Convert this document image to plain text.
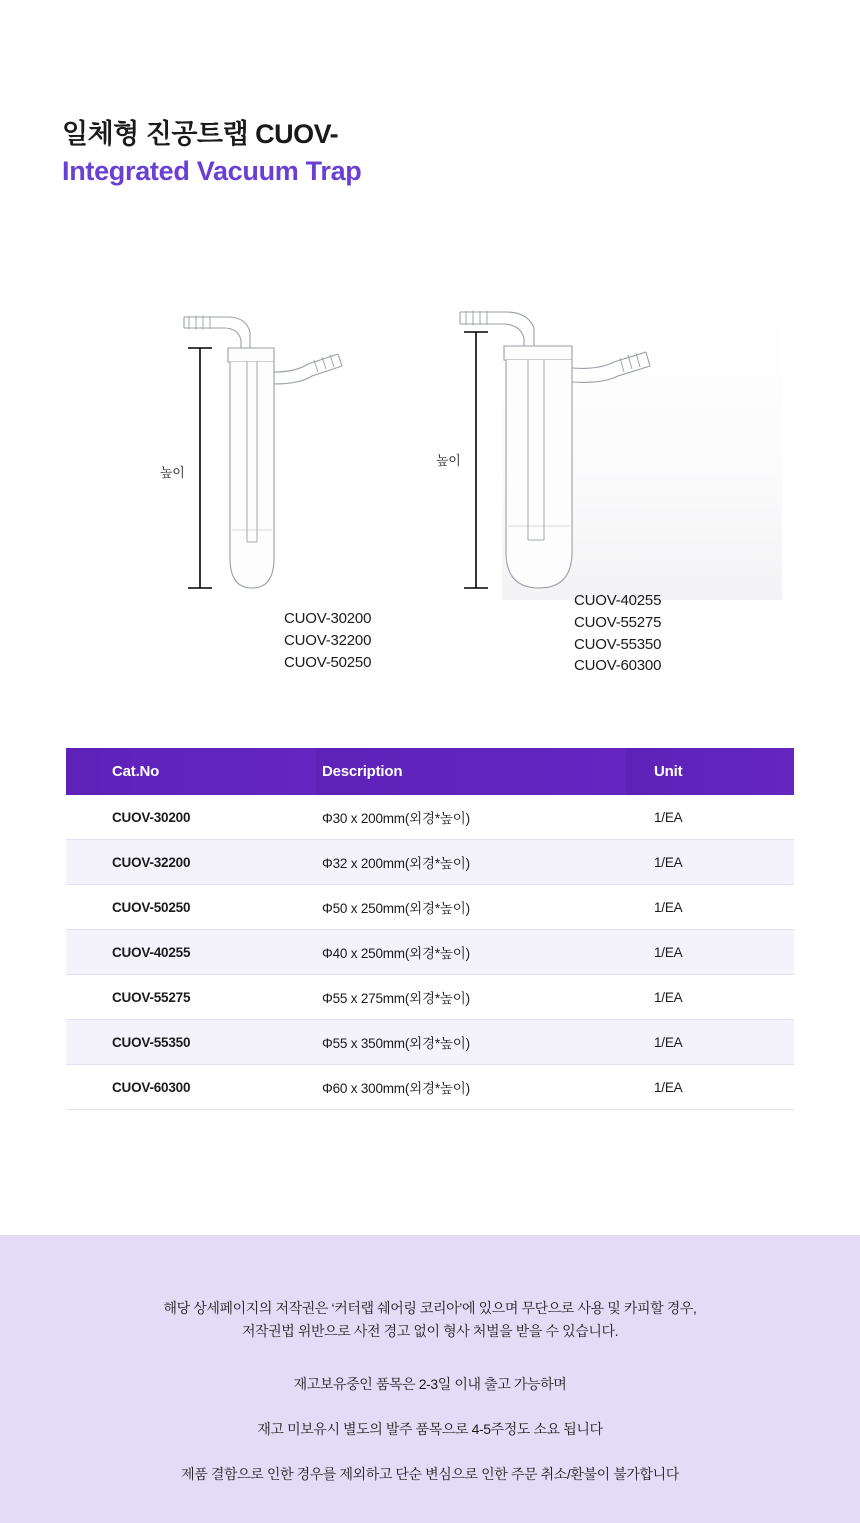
일체형 진공트랩 CUOV-
Integrated Vacuum Trap
높이
CUOV-30200
CUOV-32200
CUOV-50250
높이
CUOV-40255
CUOV-55275
CUOV-55350
CUOV-60300
Cat.No	Description	Unit
CUOV-30200	Φ30 x 200mm(외경*높이)	1/EA
CUOV-32200	Φ32 x 200mm(외경*높이)	1/EA
CUOV-50250	Φ50 x 250mm(외경*높이)	1/EA
CUOV-40255	Φ40 x 250mm(외경*높이)	1/EA
CUOV-55275	Φ55 x 275mm(외경*높이)	1/EA
CUOV-55350	Φ55 x 350mm(외경*높이)	1/EA
CUOV-60300	Φ60 x 300mm(외경*높이)	1/EA

해당 상세페이지의 저작권은 ‘커터랩 쉐어링 코리아’에 있으며 무단으로 사용 및 카피할 경우,
저작권법 위반으로 사전 경고 없이 형사 처벌을 받을 수 있습니다.

재고보유중인 품목은 2-3일 이내 출고 가능하며

재고 미보유시 별도의 발주 품목으로 4-5주정도 소요 됩니다

제품 결함으로 인한 경우를 제외하고 단순 변심으로 인한 주문 취소/환불이 불가합니다
